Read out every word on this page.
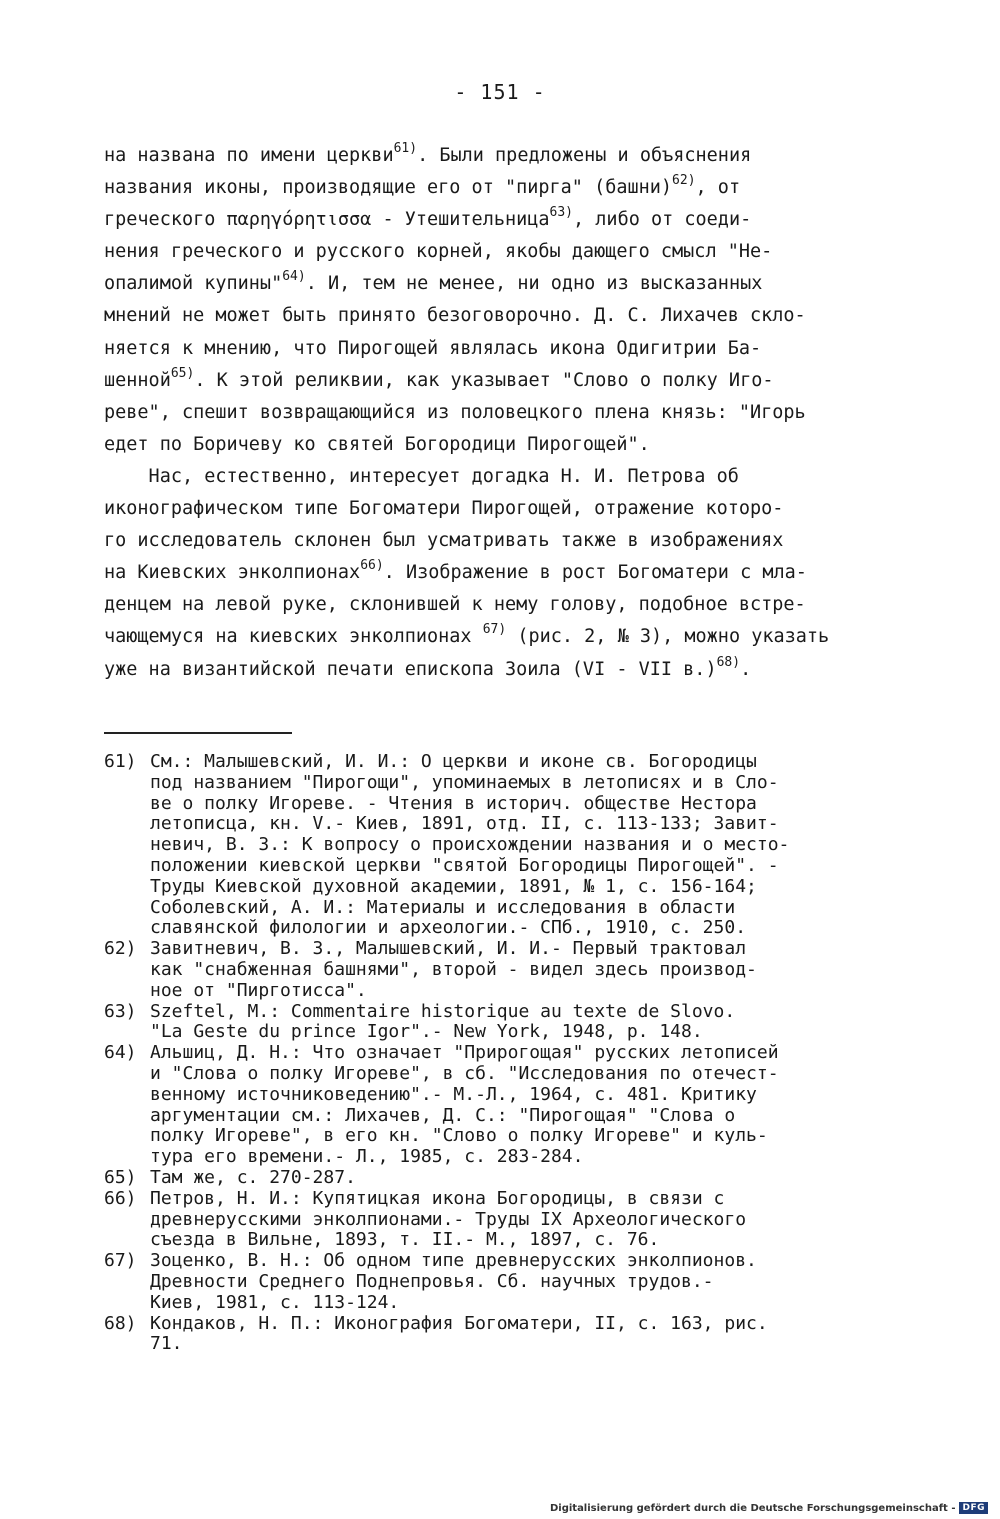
- 151 -
на названа по имени церкви$^{61)}$. Были предложены и объяснения
названия иконы, производящие его от "пирга" (башни)$^{62)}$, от
греческого παρηγόρητισσα - Утешительница$^{63)}$, либо от соеди-
нения греческого и русского корней, якобы дающего смысл "Не-
опалимой купины"$^{64)}$. И, тем не менее, ни одно из высказанных
мнений не может быть принято безоговорочно. Д. С. Лихачев скло-
няется к мнению, что Пирогощей являлась икона Одигитрии Ба-
шенной$^{65)}$. К этой реликвии, как указывает "Слово о полку Иго-
реве", спешит возвращающийся из половецкого плена князь: "Игорь
едет по Боричеву ко святей Богородици Пирогощей".
Нас, естественно, интересует догадка Н. И. Петрова об
иконографическом типе Богоматери Пирогощей, отражение которо-
го исследователь склонен был усматривать также в изображениях
на Киевских энколпионах$^{66)}$. Изображение в рост Богоматери с мла-
денцем на левой руке, склонившей к нему голову, подобное встре-
чающемуся на киевских энколпионах $^{67)}$ (рис. 2, № 3), можно указать
уже на византийской печати епископа Зоила (VI - VII в.)$^{68)}$.
61) См.: Малышевский, И. И.: О церкви и иконе св. Богородицы
под названием "Пирогощи", упоминаемых в летописях и в Сло-
ве о полку Игореве. - Чтения в историч. обществе Нестора
летописца, кн. V.- Киев, 1891, отд. II, с. 113-133; Завит-
невич, В. З.: К вопросу о происхождении названия и о место-
положении киевской церкви "святой Богородицы Пирогощей". -
Труды Киевской духовной академии, 1891, № 1, с. 156-164;
Соболевский, А. И.: Материалы и исследования в области
славянской филологии и археологии.- СПб., 1910, с. 250.
62) Завитневич, В. З., Малышевский, И. И.- Первый трактовал
как "снабженная башнями", второй - видел здесь производ-
ное от "Пирготисса".
63) Szeftel, M.: Commentaire historique au texte de Slovo.
"La Geste du prince Igor".- New York, 1948, p. 148.
64) Альшиц, Д. Н.: Что означает "Прирогощая" русских летописей
и "Слова о полку Игореве", в сб. "Исследования по отечест-
венному источниковедению".- М.-Л., 1964, с. 481. Критику
аргументации см.: Лихачев, Д. С.: "Пирогощая" "Слова о
полку Игореве", в его кн. "Слово о полку Игореве" и куль-
тура его времени.- Л., 1985, с. 283-284.
65) Там же, с. 270-287.
66) Петров, Н. И.: Купятицкая икона Богородицы, в связи с
древнерусскими энколпионами.- Труды IX Археологического
съезда в Вильне, 1893, т. II.- М., 1897, с. 76.
67) Зоценко, В. Н.: Об одном типе древнерусских энколпионов.
Древности Среднего Поднепровья. Сб. научных трудов.-
Киев, 1981, с. 113-124.
68) Кондаков, Н. П.: Иконография Богоматери, II, с. 163, рис.
71.
Digitalisierung gefördert durch die Deutsche Forschungsgemeinschaft - DFG
